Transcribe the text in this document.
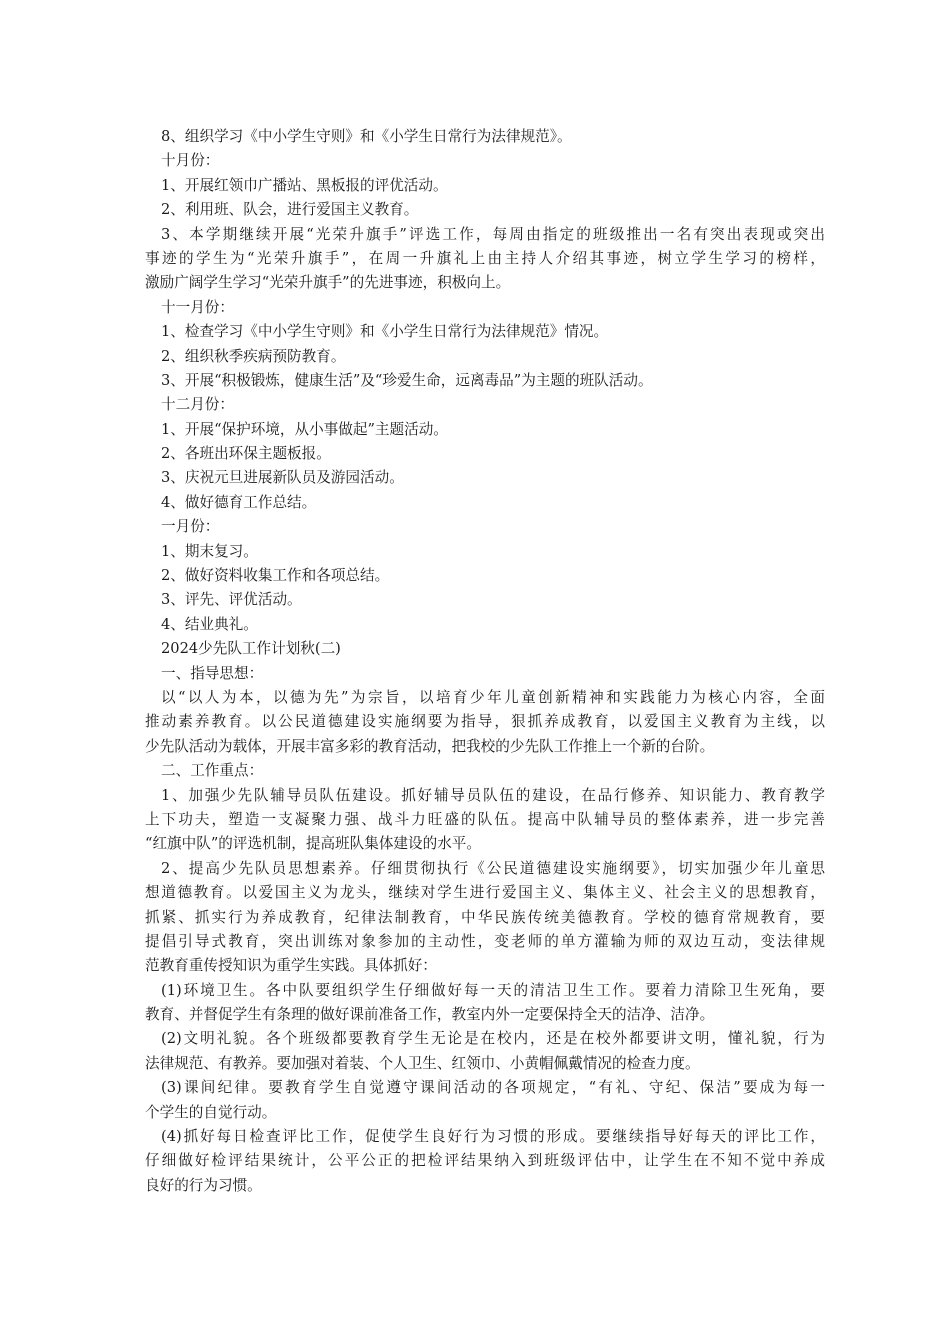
8、组织学习《中小学生守则》和《小学生日常行为法律规范》。

十月份：

1、开展红领巾广播站、黑板报的评优活动。

2、利用班、队会，进行爱国主义教育。

3、本学期继续开展“光荣升旗手”评选工作，每周由指定的班级推出一名有突出表现或突出

事迹的学生为“光荣升旗手”，在周一升旗礼上由主持人介绍其事迹，树立学生学习的榜样，

激励广阔学生学习“光荣升旗手”的先进事迹，积极向上。

十一月份：

1、检查学习《中小学生守则》和《小学生日常行为法律规范》情况。

2、组织秋季疾病预防教育。

3、开展“积极锻炼，健康生活”及“珍爱生命，远离毒品”为主题的班队活动。

十二月份：

1、开展“保护环境，从小事做起”主题活动。

2、各班出环保主题板报。

3、庆祝元旦进展新队员及游园活动。

4、做好德育工作总结。

一月份：

1、期末复习。

2、做好资料收集工作和各项总结。

3、评先、评优活动。

4、结业典礼。

2024少先队工作计划秋(二)

一、指导思想：

以“以人为本，以德为先”为宗旨，以培育少年儿童创新精神和实践能力为核心内容，全面

推动素养教育。以公民道德建设实施纲要为指导，狠抓养成教育，以爱国主义教育为主线，以

少先队活动为载体，开展丰富多彩的教育活动，把我校的少先队工作推上一个新的台阶。

二、工作重点：

1、加强少先队辅导员队伍建设。抓好辅导员队伍的建设，在品行修养、知识能力、教育教学

上下功夫，塑造一支凝聚力强、战斗力旺盛的队伍。提高中队辅导员的整体素养，进一步完善

“红旗中队”的评选机制，提高班队集体建设的水平。

2、提高少先队员思想素养。仔细贯彻执行《公民道德建设实施纲要》，切实加强少年儿童思

想道德教育。以爱国主义为龙头，继续对学生进行爱国主义、集体主义、社会主义的思想教育，

抓紧、抓实行为养成教育，纪律法制教育，中华民族传统美德教育。学校的德育常规教育，要

提倡引导式教育，突出训练对象参加的主动性，变老师的单方灌输为师的双边互动，变法律规

范教育重传授知识为重学生实践。具体抓好：

(1)环境卫生。各中队要组织学生仔细做好每一天的清洁卫生工作。要着力清除卫生死角，要

教育、并督促学生有条理的做好课前准备工作，教室内外一定要保持全天的洁净、洁净。

(2)文明礼貌。各个班级都要教育学生无论是在校内，还是在校外都要讲文明，懂礼貌，行为

法律规范、有教养。要加强对着装、个人卫生、红领巾、小黄帽佩戴情况的检查力度。

(3)课间纪律。要教育学生自觉遵守课间活动的各项规定，“有礼、守纪、保洁”要成为每一

个学生的自觉行动。

(4)抓好每日检查评比工作，促使学生良好行为习惯的形成。要继续指导好每天的评比工作，

仔细做好检评结果统计，公平公正的把检评结果纳入到班级评估中，让学生在不知不觉中养成

良好的行为习惯。
